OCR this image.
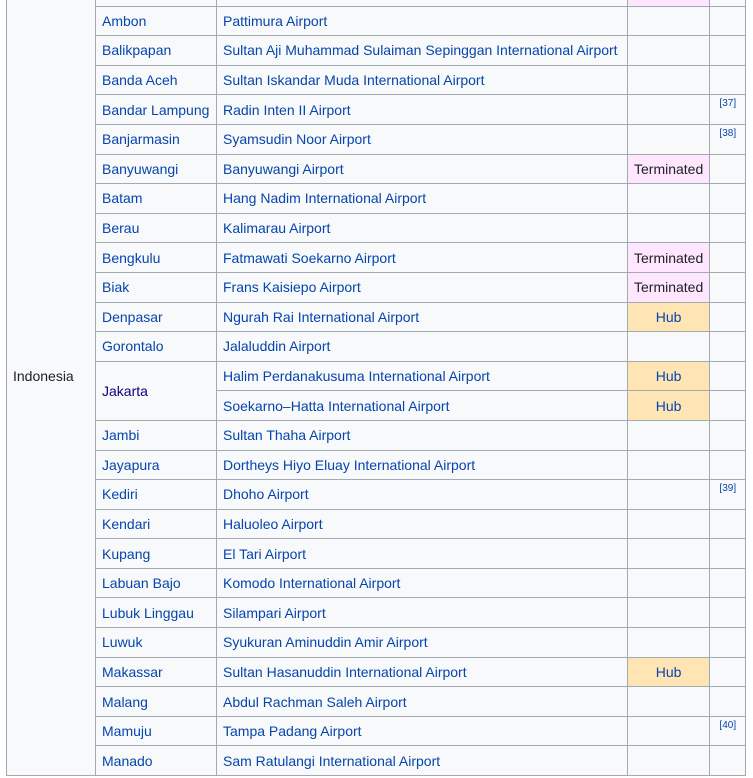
Indonesia				
	Ambon	Pattimura Airport		
	Balikpapan	Sultan Aji Muhammad Sulaiman Sepinggan International Airport		
	Banda Aceh	Sultan Iskandar Muda International Airport		
	Bandar Lampung	Radin Inten II Airport		[37]
	Banjarmasin	Syamsudin Noor Airport		[38]
	Banyuwangi	Banyuwangi Airport	Terminated	
	Batam	Hang Nadim International Airport		
	Berau	Kalimarau Airport		
	Bengkulu	Fatmawati Soekarno Airport	Terminated	
	Biak	Frans Kaisiepo Airport	Terminated	
	Denpasar	Ngurah Rai International Airport	Hub	
	Gorontalo	Jalaluddin Airport		
	Jakarta	Halim Perdanakusuma International Airport	Hub	
		Soekarno–Hatta International Airport	Hub	
	Jambi	Sultan Thaha Airport		
	Jayapura	Dortheys Hiyo Eluay International Airport		
	Kediri	Dhoho Airport		[39]
	Kendari	Haluoleo Airport		
	Kupang	El Tari Airport		
	Labuan Bajo	Komodo International Airport		
	Lubuk Linggau	Silampari Airport		
	Luwuk	Syukuran Aminuddin Amir Airport		
	Makassar	Sultan Hasanuddin International Airport	Hub	
	Malang	Abdul Rachman Saleh Airport		
	Mamuju	Tampa Padang Airport		[40]
	Manado	Sam Ratulangi International Airport		
